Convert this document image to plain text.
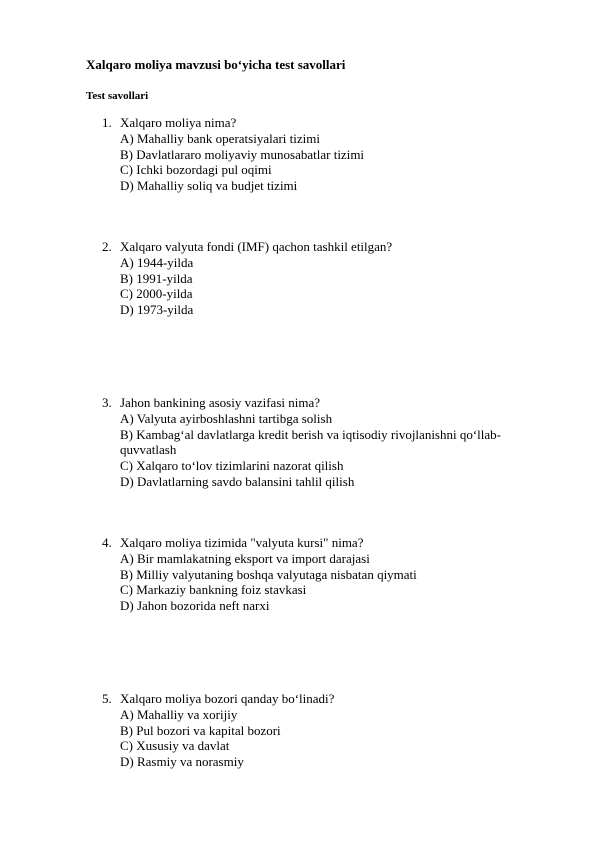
Xalqaro moliya mavzusi bo‘yicha test savollari
Test savollari
1. Xalqaro moliya nima?
A) Mahalliy bank operatsiyalari tizimi
B) Davlatlararo moliyaviy munosabatlar tizimi
C) Ichki bozordagi pul oqimi
D) Mahalliy soliq va budjet tizimi
2. Xalqaro valyuta fondi (IMF) qachon tashkil etilgan?
A) 1944-yilda
B) 1991-yilda
C) 2000-yilda
D) 1973-yilda
3. Jahon bankining asosiy vazifasi nima?
A) Valyuta ayirboshlashni tartibga solish
B) Kambag‘al davlatlarga kredit berish va iqtisodiy rivojlanishni qo‘llab-quvvatlash
C) Xalqaro to‘lov tizimlarini nazorat qilish
D) Davlatlarning savdo balansini tahlil qilish
4. Xalqaro moliya tizimida "valyuta kursi" nima?
A) Bir mamlakatning eksport va import darajasi
B) Milliy valyutaning boshqa valyutaga nisbatan qiymati
C) Markaziy bankning foiz stavkasi
D) Jahon bozorida neft narxi
5. Xalqaro moliya bozori qanday bo‘linadi?
A) Mahalliy va xorijiy
B) Pul bozori va kapital bozori
C) Xususiy va davlat
D) Rasmiy va norasmiy
